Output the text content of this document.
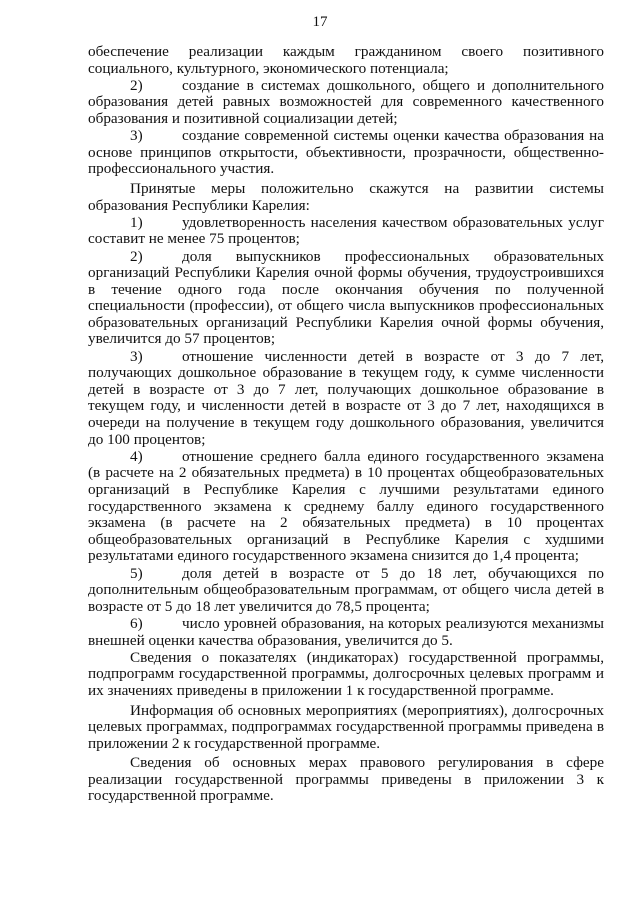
17

обеспечение реализации каждым гражданином своего позитивного социального, культурного, экономического потенциала;

2)	создание в системах дошкольного, общего и дополнительного образования детей равных возможностей для современного качественного образования и позитивной социализации детей;

3)	создание современной системы оценки качества образования на основе принципов открытости, объективности, прозрачности, общественно-профессионального участия.

Принятые меры положительно скажутся на развитии системы образования Республики Карелия:

1)	удовлетворенность населения качеством образовательных услуг составит не менее 75 процентов;

2)	доля выпускников профессиональных образовательных организаций Республики Карелия очной формы обучения, трудоустроившихся в течение одного года после окончания обучения по полученной специальности (профессии), от общего числа выпускников профессиональных образовательных организаций Республики Карелия очной формы обучения, увеличится до 57 процентов;

3)	отношение численности детей в возрасте от 3 до 7 лет, получающих дошкольное образование в текущем году, к сумме численности детей в возрасте от 3 до 7 лет, получающих дошкольное образование в текущем году, и численности детей в возрасте от 3 до 7 лет, находящихся в очереди на получение в текущем году дошкольного образования, увеличится до 100 процентов;

4)	отношение среднего балла единого государственного экзамена (в расчете на 2 обязательных предмета) в 10 процентах общеобразовательных организаций в Республике Карелия с лучшими результатами единого государственного экзамена к среднему баллу единого государственного экзамена (в расчете на 2 обязательных предмета) в 10 процентах общеобразовательных организаций в Республике Карелия с худшими результатами единого государственного экзамена снизится до 1,4 процента;

5)	доля детей в возрасте от 5 до 18 лет, обучающихся по дополнительным общеобразовательным программам, от общего числа детей в возрасте от 5 до 18 лет увеличится до 78,5 процента;

6)	число уровней образования, на которых реализуются механизмы внешней оценки качества образования, увеличится до 5.

Сведения о показателях (индикаторах) государственной программы, подпрограмм государственной программы, долгосрочных целевых программ и их значениях приведены в приложении 1 к государственной программе.

Информация об основных мероприятиях (мероприятиях), долгосрочных целевых программах, подпрограммах государственной программы приведена в приложении 2 к государственной программе.

Сведения об основных мерах правового регулирования в сфере реализации государственной программы приведены в приложении 3 к государственной программе.
